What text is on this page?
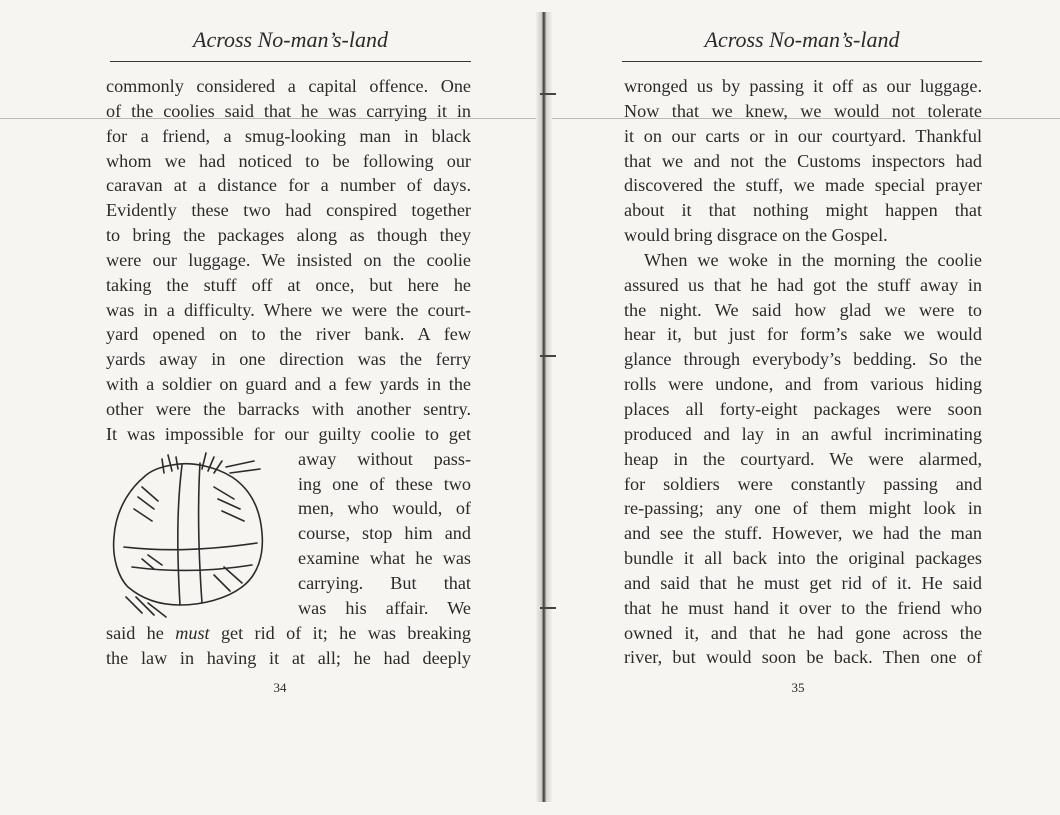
Across No-man’s-land

commonly considered a capital offence. One
of the coolies said that he was carrying it in
for a friend, a smug-looking man in black
whom we had noticed to be following our
caravan at a distance for a number of days.
Evidently these two had conspired together
to bring the packages along as though they
were our luggage. We insisted on the coolie
taking the stuff off at once, but here he
was in a difficulty. Where we were the court-
yard opened on to the river bank. A few
yards away in one direction was the ferry
with a soldier on guard and a few yards in the
other were the barracks with another sentry.
It was impossible for our guilty coolie to get

away without pass-
ing one of these two
men, who would, of
course, stop him and
examine what he was
carrying. But that
was his affair. We

said he must get rid of it; he was breaking
the law in having it at all; he had deeply

34
Across No-man’s-land

wronged us by passing it off as our luggage.
Now that we knew, we would not tolerate
it on our carts or in our courtyard. Thankful
that we and not the Customs inspectors had
discovered the stuff, we made special prayer
about it that nothing might happen that
would bring disgrace on the Gospel.

When we woke in the morning the coolie
assured us that he had got the stuff away in
the night. We said how glad we were to
hear it, but just for form’s sake we would
glance through everybody’s bedding. So the
rolls were undone, and from various hiding
places all forty-eight packages were soon
produced and lay in an awful incriminating
heap in the courtyard. We were alarmed,
for soldiers were constantly passing and
re-passing; any one of them might look in
and see the stuff. However, we had the man
bundle it all back into the original packages
and said that he must get rid of it. He said
that he must hand it over to the friend who
owned it, and that he had gone across the
river, but would soon be back. Then one of

35
